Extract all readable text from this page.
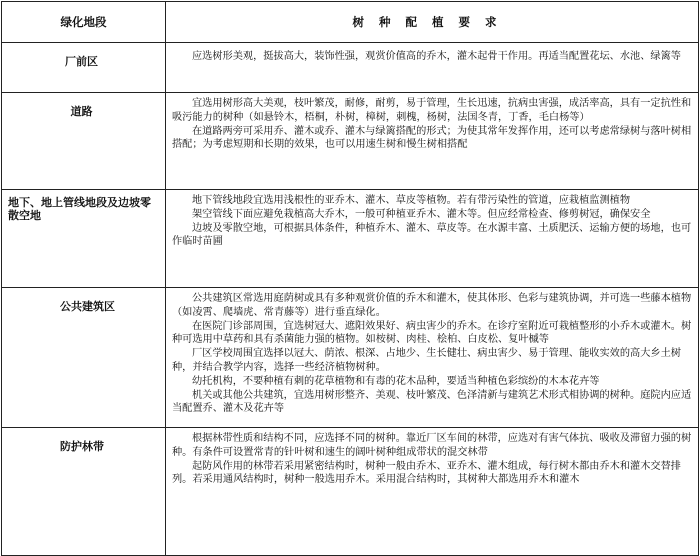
绿化地段	树种配植要求
厂前区	应选树形美观，挺拔高大，装饰性强，观赏价值高的乔木，灌木起骨干作用。再适当配置花坛、水池、绿篱等

道路	宜选用树形高大美观，枝叶繁茂，耐修，耐剪，易于管理，生长迅速，抗病虫害强，成活率高，具有一定抗性和吸污能力的树种（如悬铃木，梧桐，朴树，樟树，刺槐，杨树，法国冬青，丁香，毛白杨等）

在道路两旁可采用乔、灌木或乔、灌木与绿篱搭配的形式；为使其常年发挥作用，还可以考虑常绿树与落叶树相搭配；为考虑短期和长期的效果，也可以用速生树和慢生树相搭配

地下、地上管线地段及边坡零散空地	地下管线地段宜选用浅根性的亚乔木、灌木、草皮等植物。若有带污染性的管道，应栽植监测植物

架空管线下面应避免栽植高大乔木，一般可种植亚乔木、灌木等。但应经常检查、修剪树冠，确保安全

边坡及零散空地，可根据具体条件，种植乔木、灌木、草皮等。在水源丰富、土质肥沃、运输方便的场地，也可作临时苗圃

公共建筑区	公共建筑区常选用庭荫树或具有多种观赏价值的乔木和灌木，使其体形、色彩与建筑协调，并可选一些藤本植物（如凌霄、爬墙虎、常青藤等）进行垂直绿化。

在医院门诊部周围，宜选树冠大、遮阳效果好、病虫害少的乔木。在诊疗室附近可栽植整形的小乔木或灌木。树种可选用中草药和具有杀菌能力强的植物。如桉树、肉桂、桧柏、白皮松、复叶槭等

厂区学校周围宜选择以冠大、荫浓、根深、占地少、生长健壮、病虫害少、易于管理、能收实效的高大乡土树种，并结合教学内容，选择一些经济植物树种。

幼托机构，不要种植有刺的花草植物和有毒的花木品种，要适当种植色彩缤纷的木本花卉等

机关或其他公共建筑，宜选用树形整齐、美观、枝叶繁茂、色泽清新与建筑艺术形式相协调的树种。庭院内应适当配置乔、灌木及花卉等

防护林带	根据林带性质和结构不同，应选择不同的树种。靠近厂区车间的林带，应选对有害气体抗、吸收及滞留力强的树种。有条件可设置常青的针叶树和速生的阔叶树种组成带状的混交林带

起防风作用的林带若采用紧密结构时，树种一般由乔木、亚乔木、灌木组成，每行树木都由乔木和灌木交替排列。若采用通风结构时，树种一般选用乔木。采用混合结构时，其树种大都选用乔木和灌木
